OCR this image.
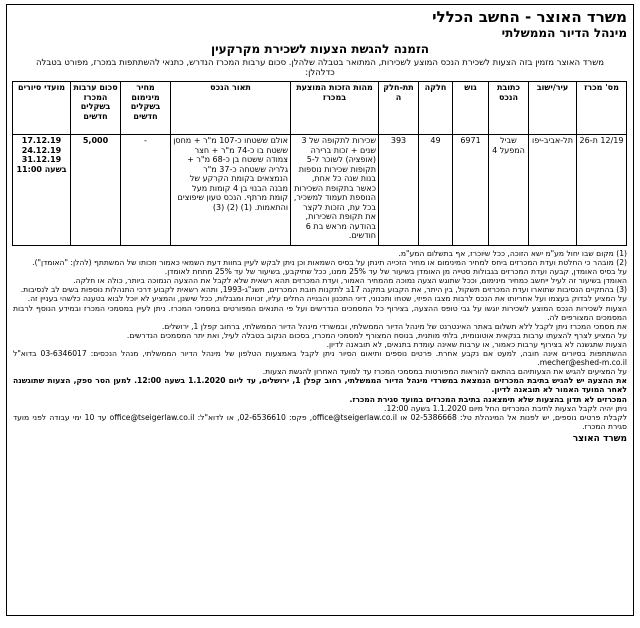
משרד האוצר - החשב הכללי
מינהל הדיור הממשלתי
הזמנה להגשת הצעות לשכירת מקרקעין
משרד האוצר מזמין בזה הצעות לשכירת הנכס המוצע לשכירות, המתואר בטבלה שלהלן. סכום ערבות המכרז הנדרש, כתנאי להשתתפות במכרז, מפורט בטבלה כדלהלן:
מס' מכרז	עיר/ישוב	כתובת הנכס	גוש	חלקה	תת-חלקה	מהות הזכות המוצעת במכרז	תאור הנכס	מחיר מינימום בשקלים חדשים	סכום ערבות המכרז בשקלים חדשים	מועדי סיורים
12/19 ת-26	תל-אביב-יפו	שביל המפעל 4	6971	49	393	שכירות לתקופה של 3 שנים + זכות ברירה (אופציה) לשוכר ל-5 תקופות שכירות נוספות בנות שנה כל אחת, כאשר בתקופת השכירות הנוספת תעמוד למשכיר, בכל עת, הזכות לקצר את תקופת השכירות, בהודעה מראש בת 6 חודשים.	אולם ששטחו כ-107 מ"ר + מחסן ששטח בו כ-74 מ"ר + חצר צמודה ששטח בן כ-68 מ"ר + גלריה ששטחה כ-37 מ"ר הנמצאים בקומת הקרקע של מבנה הבנוי בן 4 קומות מעל קומת מרתף. הנכס טעון שיפוצים והתאמות. (1) (2) (3)	-	5,000	17.12.19 24.12.19 31.12.19 בשעה 11:00

(1) מקום שבו יחול מע"מ ישא הזוכה, ככל שיוכרז, אף בתשלום המע"מ.

(2) מובהר כי החלטת ועדת המכרזים ביחס למחיר המינימום או מחיר הזכייה תינתן על בסיס השמאות וכן ניתן לבקש לעיין בחוות דעת השמאי כאמור וזכותו של המשתתף (להלן: "האומדן").

על בסיס האומדן, קבעה ועדת המכרזים בגבולות סטייה מן האומדן בשיעור של עד 25% ממנו, ככל שתיקבע, בשיעור של עד 25% מתחת לאומדן.

האומדן בשיעור זה לעיל ייחשב כמחיר מינימום, וככל שתוגש הצעה נמוכה מהמחיר האמור, ועדת המכרזים תהא רשאית שלא לקבל את ההצעה הנמוכה ביותר, כולה או חלקה.

(3) בהתקיים הנסיבות שתוארו ועדת המכרזים תשקול, בין היתר, את הקבוע בתקנה 17ב לתקנות חובת המכרזים, תשנ"ג-1993, ותהא רשאית לקבוע דרכי התנהלות נוספות בשים לב לנסיבות.

על המציע לבדוק בעצמו ועל אחריותו את הנכס לרבות מצבו הפיזי, שטחו ותכנוני, דיני התכנון והבנייה החלים עליו, זכויות ומגבלות, ככל שישנן, והמציע לא יוכל לבוא בטענה כלשהי בעניין זה.

הצעות לשכירות הנכס המוצע לשכירות יוגשו על גבי טופס ההצעה, בצירוף כל המסמכים הנדרשים ועל פי התנאים המפורטים במסמכי המכרז. ניתן לעיין במסמכי המכרז ובמידע הנוסף לרבות המסמכים המצורפים לה.

את מסמכי המכרז ניתן לקבל ללא תשלום באתר האינטרנט של מינהל הדיור הממשלתי, ובמשרדי מינהל הדיור הממשלתי, ברחוב קפלן 1, ירושלים.

על המציע לצרף להצעתו ערבות בנקאית אוטונומית, בלתי מותנית, בנוסח המצורף למסמכי המכרז, בסכום הנקוב בטבלה לעיל, ואת יתר המסמכים הנדרשים.

הצעות שתגשנה לא בצירוף ערבות כאמור, או ערבות שאינה עומדת בתנאים, לא תובאנה לדיון.

ההשתתפות בסיורים אינה חובה, למעט אם נקבע אחרת. פרטים נוספים ותיאום הסיור ניתן לקבל באמצעות הטלפון של מינהל הדיור הממשלתי, מנהל הנכסים: 03-6346017 בדוא"ל mecher@eshed-m.co.il.

על המציעים להגיש את הצעותיהם בהתאם להוראות המפורטות במסמכי המכרז עד למועד האחרון להגשת הצעות.

את ההצעה יש להגיש בתיבת המכרזים הנמצאת במשרדי מינהל הדיור הממשלתי, רחוב קפלן 1, ירושלים, עד ליום 1.1.2020 בשעה 12:00. למען הסר ספק, הצעות שתוגשנה לאחר המועד האמור לא תובאנה לדיון.

המכרזים לא תדון בהצעות שלא תימצאנה בתיבת המכרזים במועד סגירת המכרז.

ניתן יהיה לקבל הצעות לתיבת המכרזים החל מיום 1.1.2020 בשעה 12:00.

לקבלת פרטים נוספים, יש לפנות אל המינהלת טל: 02-5386668 או office@tseigerlaw.co.il, פקס: 02-6536610, או לדוא"ל: office@tseigerlaw.co.il עד 10 ימי עבודה לפני מועד סגירת המכרז.

משרד האוצר
